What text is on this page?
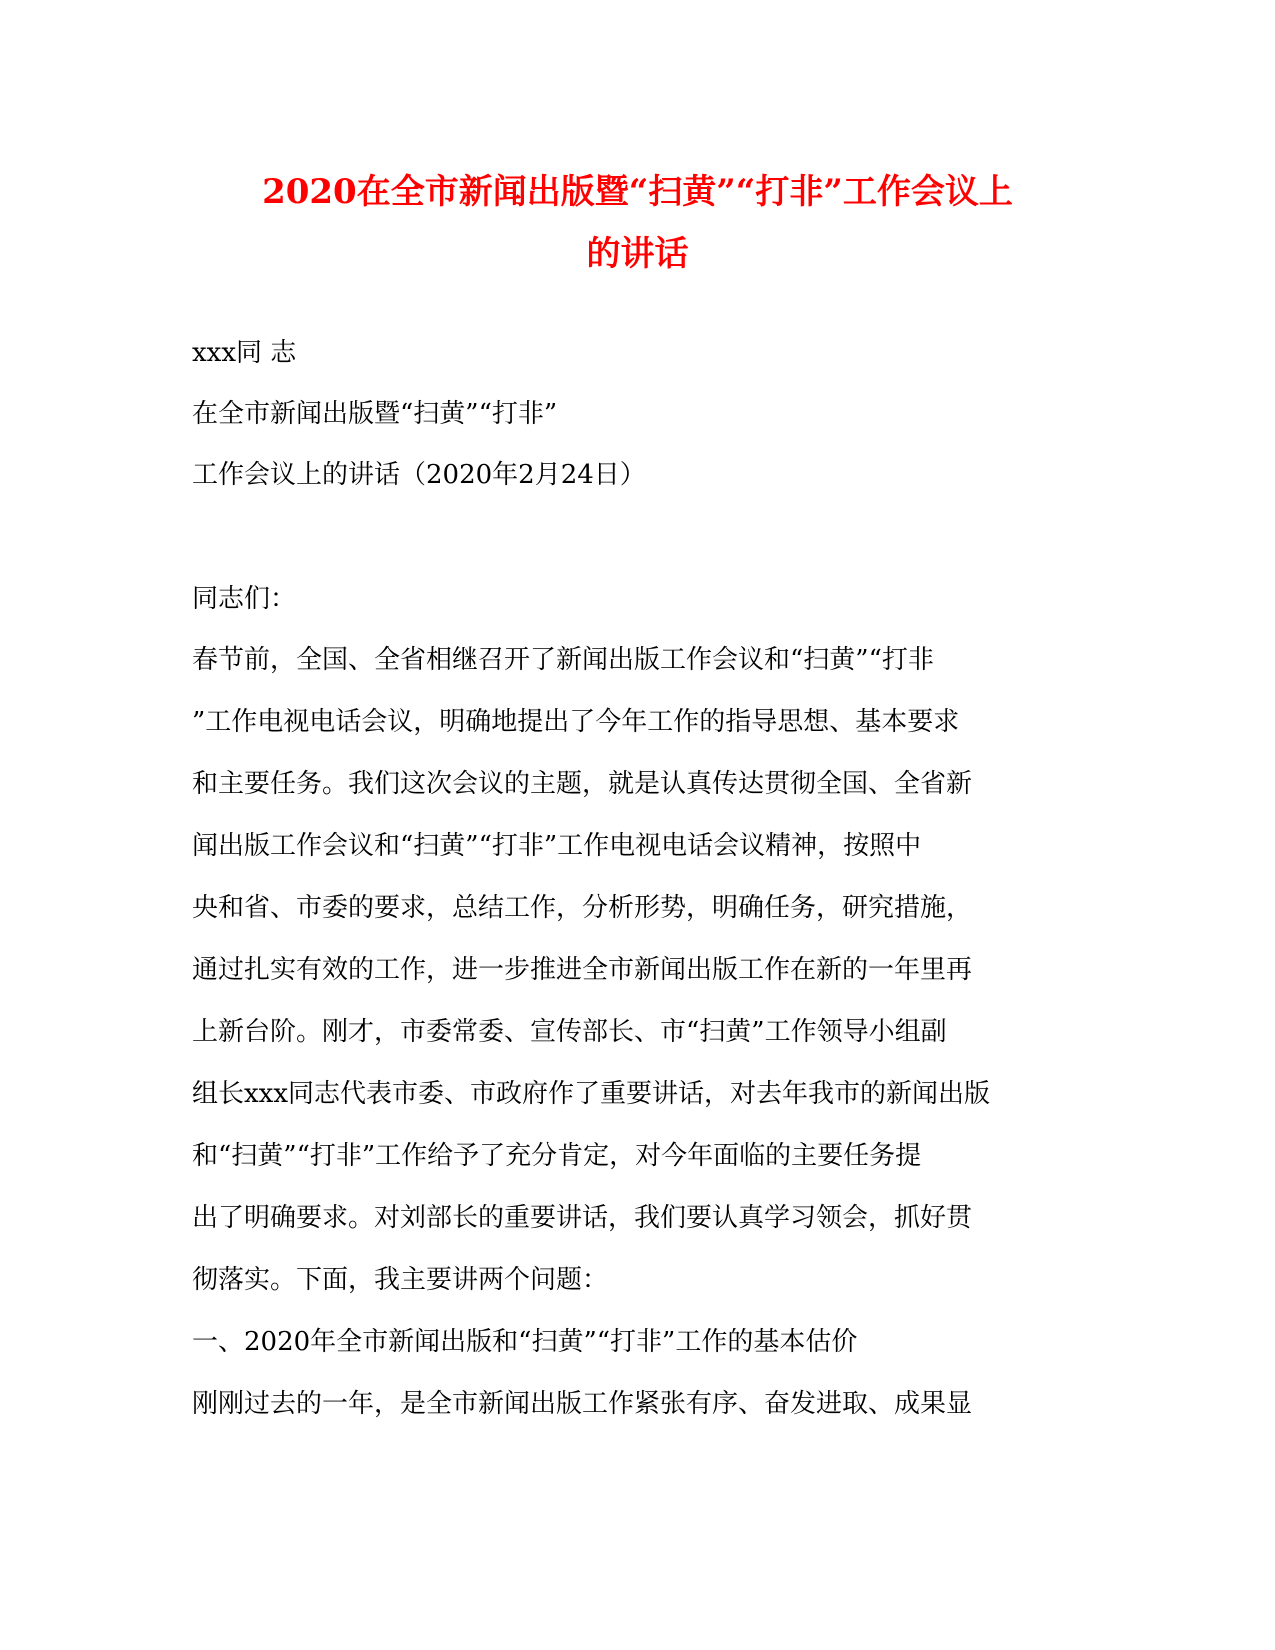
2020在全市新闻出版暨“扫黄”“打非”工作会议上
的讲话

xxx同 志

在全市新闻出版暨“扫黄”“打非”

工作会议上的讲话（2020年2月24日）

同志们：

春节前，全国、全省相继召开了新闻出版工作会议和“扫黄”“打非

”工作电视电话会议，明确地提出了今年工作的指导思想、基本要求

和主要任务。我们这次会议的主题，就是认真传达贯彻全国、全省新

闻出版工作会议和“扫黄”“打非”工作电视电话会议精神，按照中

央和省、市委的要求，总结工作，分析形势，明确任务，研究措施，

通过扎实有效的工作，进一步推进全市新闻出版工作在新的一年里再

上新台阶。刚才，市委常委、宣传部长、市“扫黄”工作领导小组副

组长xxx同志代表市委、市政府作了重要讲话，对去年我市的新闻出版

和“扫黄”“打非”工作给予了充分肯定，对今年面临的主要任务提

出了明确要求。对刘部长的重要讲话，我们要认真学习领会，抓好贯

彻落实。下面，我主要讲两个问题：

一、2020年全市新闻出版和“扫黄”“打非”工作的基本估价

刚刚过去的一年，是全市新闻出版工作紧张有序、奋发进取、成果显
